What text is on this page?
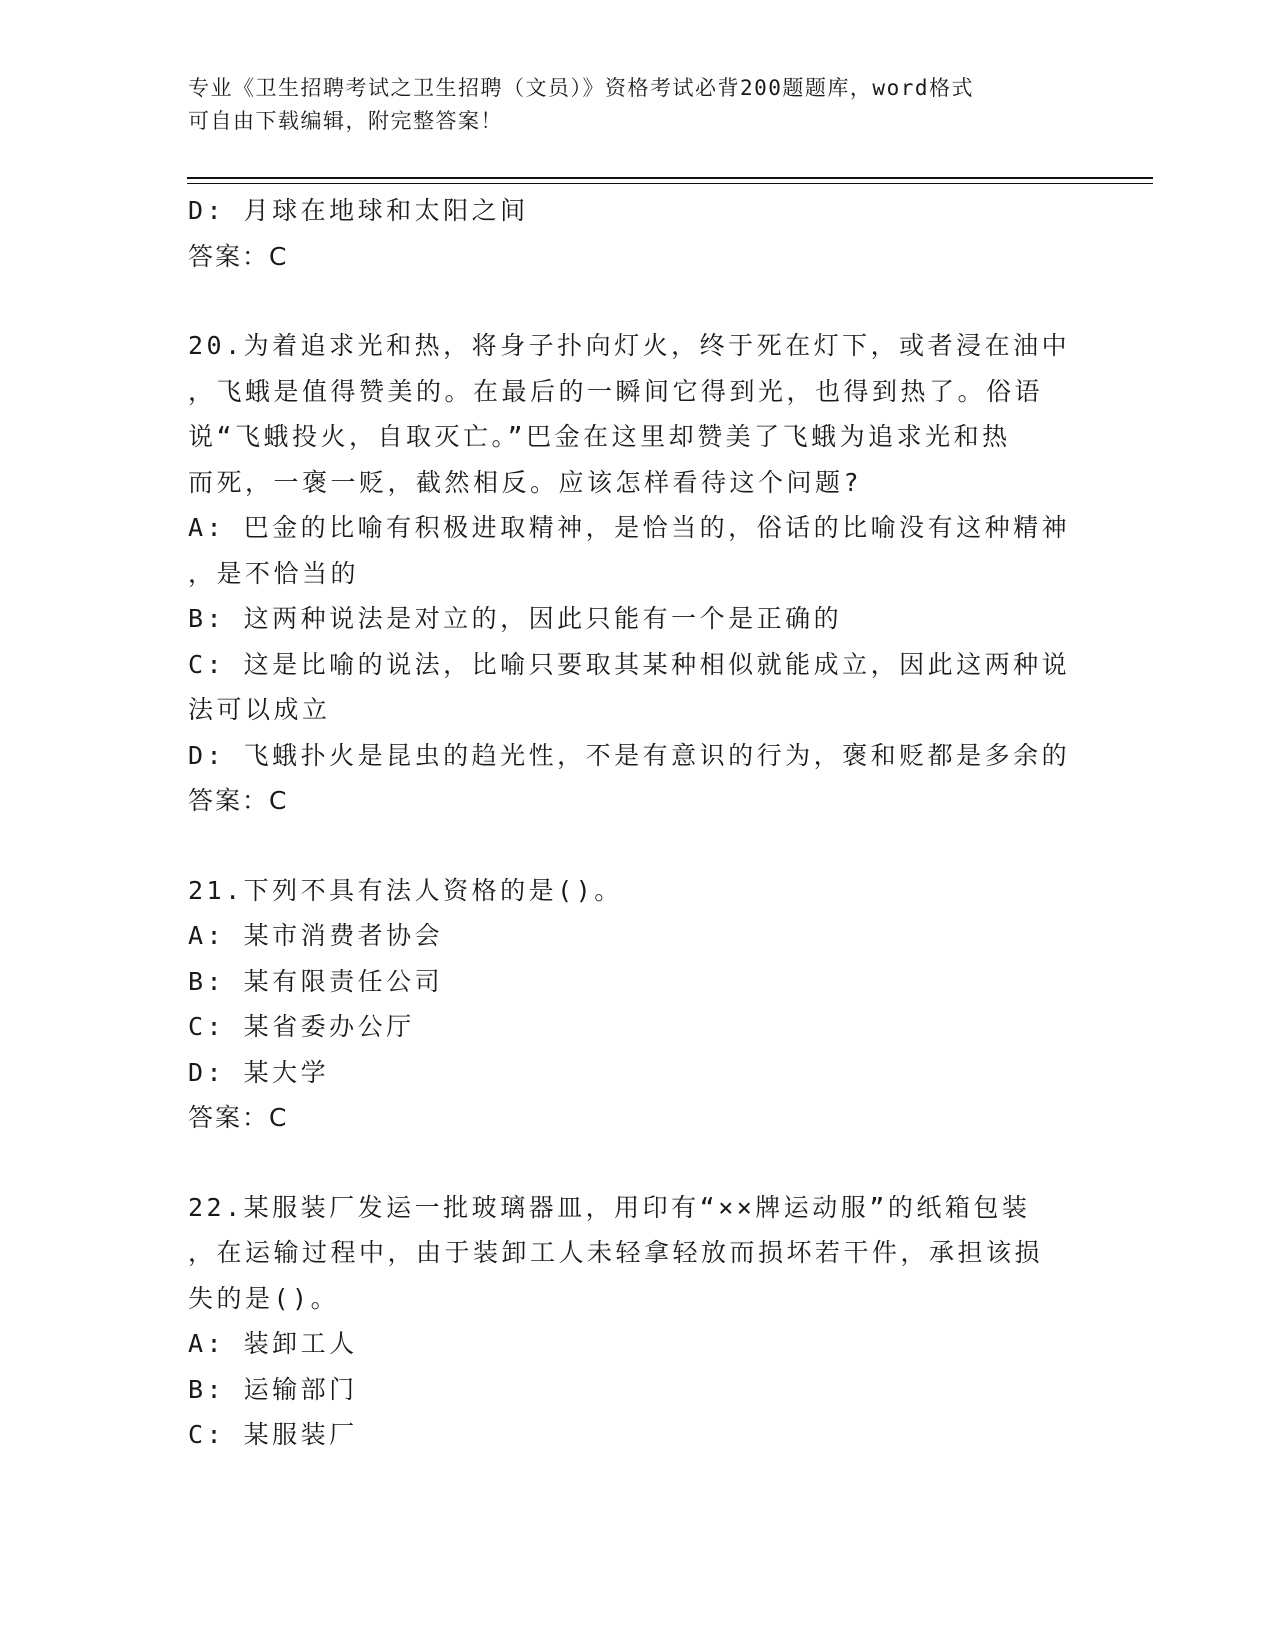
专业《卫生招聘考试之卫生招聘（文员）》资格考试必背200题题库，word格式
可自由下载编辑，附完整答案！
D: 月球在地球和太阳之间
答案：C
20.为着追求光和热，将身子扑向灯火，终于死在灯下，或者浸在油中
，飞蛾是值得赞美的。在最后的一瞬间它得到光，也得到热了。俗语
说“飞蛾投火，自取灭亡。”巴金在这里却赞美了飞蛾为追求光和热
而死，一褒一贬，截然相反。应该怎样看待这个问题?
A: 巴金的比喻有积极进取精神，是恰当的，俗话的比喻没有这种精神
，是不恰当的
B: 这两种说法是对立的，因此只能有一个是正确的
C: 这是比喻的说法，比喻只要取其某种相似就能成立，因此这两种说
法可以成立
D: 飞蛾扑火是昆虫的趋光性，不是有意识的行为，褒和贬都是多余的
答案：C
21.下列不具有法人资格的是()。
A: 某市消费者协会
B: 某有限责任公司
C: 某省委办公厅
D: 某大学
答案：C
22.某服装厂发运一批玻璃器皿，用印有“××牌运动服”的纸箱包装
，在运输过程中，由于装卸工人未轻拿轻放而损坏若干件，承担该损
失的是()。
A: 装卸工人
B: 运输部门
C: 某服装厂
